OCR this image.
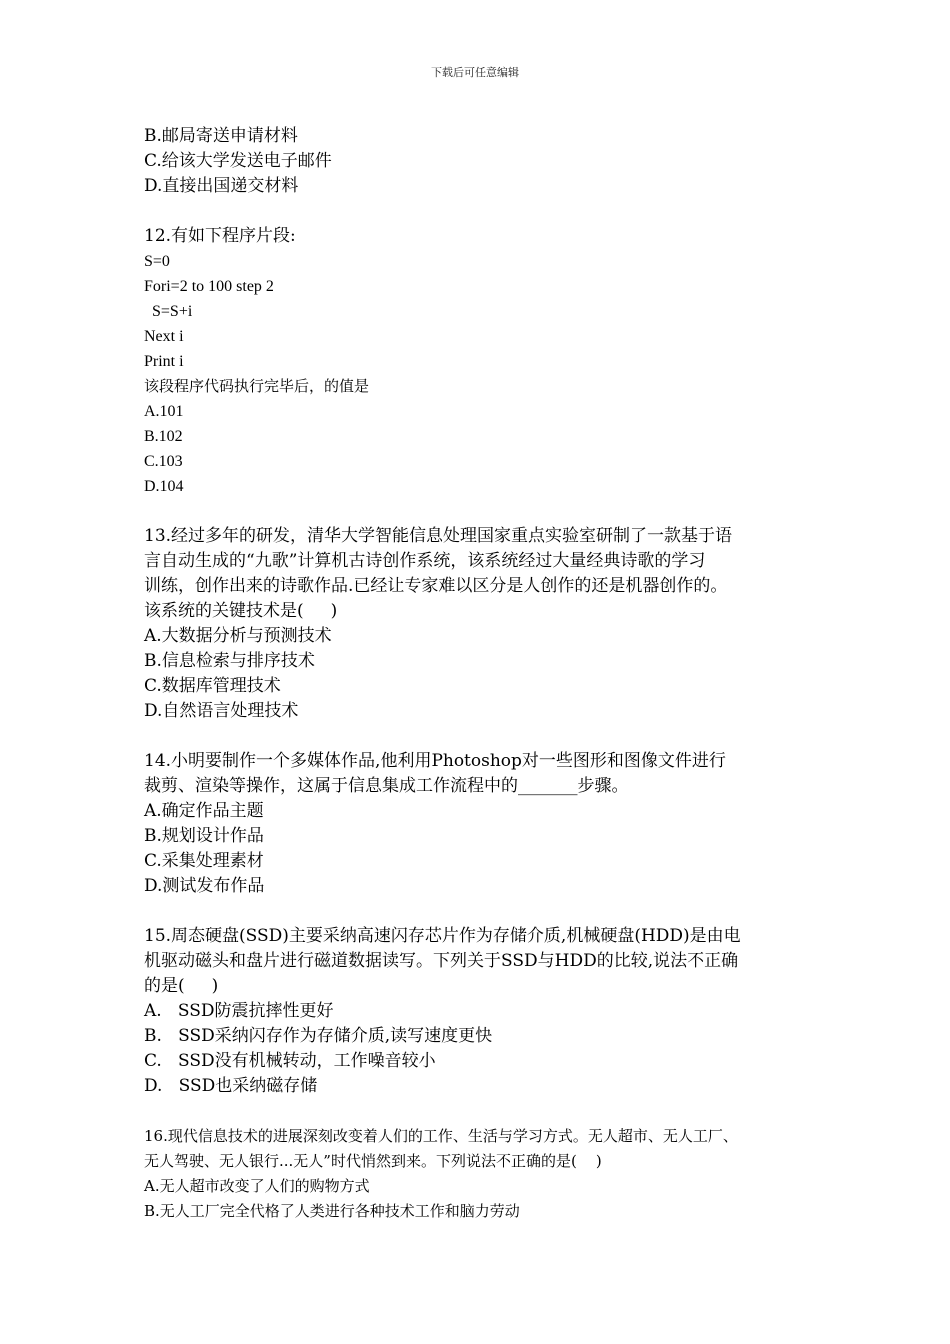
下载后可任意编辑
B.邮局寄送申请材料
C.给该大学发送电子邮件
D.直接出国递交材料
12.有如下程序片段:
S=0
Fori=2 to 100 step 2
S=S+i
Next i
Print i
该段程序代码执行完毕后，的值是
A.101
B.102
C.103
D.104
13.经过多年的研发，清华大学智能信息处理国家重点实验室研制了一款基于语
言自动生成的“九歌”计算机古诗创作系统，该系统经过大量经典诗歌的学习
训练，创作出来的诗歌作品.已经让专家难以区分是人创作的还是机器创作的。
该系统的关键技术是(     )
A.大数据分析与预测技术
B.信息检索与排序技术
C.数据库管理技术
D.自然语言处理技术
14.小明要制作一个多媒体作品,他利用Photoshop对一些图形和图像文件进行
裁剪、渲染等操作，这属于信息集成工作流程中的_______步骤。
A.确定作品主题
B.规划设计作品
C.采集处理素材
D.测试发布作品
15.周态硬盘(SSD)主要采纳高速闪存芯片作为存储介质,机械硬盘(HDD)是由电
机驱动磁头和盘片进行磁道数据读写。下列关于SSD与HDD的比较,说法不正确
的是(     )
A.   SSD防震抗摔性更好
B.   SSD采纳闪存作为存储介质,读写速度更快
C.   SSD没有机械转动，工作噪音较小
D.   SSD也采纳磁存储
16.现代信息技术的进展深刻改变着人们的工作、生活与学习方式。无人超市、无人工厂、
无人驾驶、无人银行...无人”时代悄然到来。下列说法不正确的是(    )
A.无人超市改变了人们的购物方式
B.无人工厂完全代格了人类进行各种技术工作和脑力劳动
